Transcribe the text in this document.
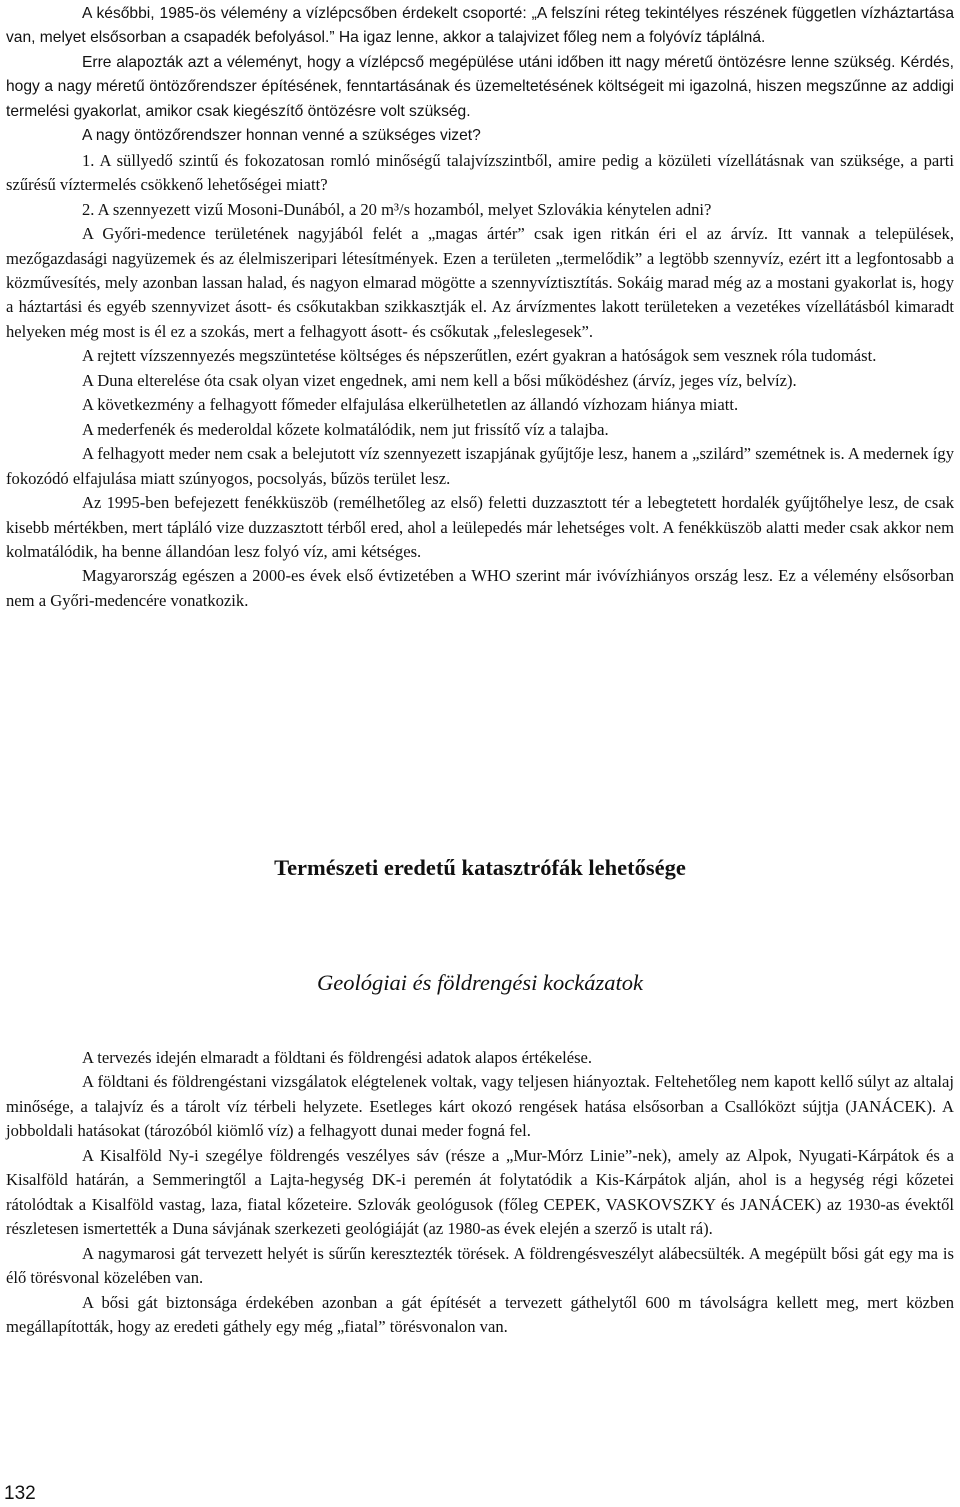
A későbbi, 1985-ös vélemény a vízlépcsőben érdekelt csoporté: „A felszíni réteg tekintélyes részének független vízháztartása van, melyet elsősorban a csapadék befolyásol.” Ha igaz lenne, akkor a talajvizet főleg nem a folyóvíz táplálná.

Erre alapozták azt a véleményt, hogy a vízlépcső megépülése utáni időben itt nagy méretű öntözésre lenne szükség. Kérdés, hogy a nagy méretű öntözőrendszer építésének, fenntartásának és üzemeltetésének költségeit mi igazolná, hiszen megszűnne az addigi termelési gyakorlat, amikor csak kiegészítő öntözésre volt szükség.

A nagy öntözőrendszer honnan venné a szükséges vizet?

1. A süllyedő szintű és fokozatosan romló minőségű talajvízszintből, amire pedig a közületi vízellátásnak van szüksége, a parti szűrésű víztermelés csökkenő lehetőségei miatt?

2. A szennyezett vizű Mosoni-Dunából, a 20 m³/s hozamból, melyet Szlovákia kénytelen adni?

A Győri-medence területének nagyjából felét a „magas ártér” csak igen ritkán éri el az árvíz. Itt vannak a települések, mezőgazdasági nagyüzemek és az élelmiszeripari létesítmények. Ezen a területen „termelődik” a legtöbb szennyvíz, ezért itt a legfontosabb a közművesítés, mely azonban lassan halad, és nagyon elmarad mögötte a szennyvíztisztítás. Sokáig marad még az a mostani gyakorlat is, hogy a háztartási és egyéb szennyvizet ásott- és csőkutakban szikkasztják el. Az árvízmentes lakott területeken a vezetékes vízellátásból kimaradt helyeken még most is él ez a szokás, mert a felhagyott ásott- és csőkutak „feleslegesek”.

A rejtett vízszennyezés megszüntetése költséges és népszerűtlen, ezért gyakran a hatóságok sem vesznek róla tudomást.

A Duna elterelése óta csak olyan vizet engednek, ami nem kell a bősi működéshez (árvíz, jeges víz, belvíz).

A következmény a felhagyott főmeder elfajulása elkerülhetetlen az állandó vízhozam hiánya miatt.

A mederfenék és mederoldal kőzete kolmatálódik, nem jut frissítő víz a talajba.

A felhagyott meder nem csak a belejutott víz szennyezett iszapjának gyűjtője lesz, hanem a „szilárd” szemétnek is. A medernek így fokozódó elfajulása miatt szúnyogos, pocsolyás, bűzös terület lesz.

Az 1995-ben befejezett fenékküszöb (remélhetőleg az első) feletti duzzasztott tér a lebegtetett hordalék gyűjtőhelye lesz, de csak kisebb mértékben, mert tápláló vize duzzasztott térből ered, ahol a leülepedés már lehetséges volt. A fenékküszöb alatti meder csak akkor nem kolmatálódik, ha benne állandóan lesz folyó víz, ami kétséges.

Magyarország egészen a 2000-es évek első évtizetében a WHO szerint már ivóvízhiányos ország lesz. Ez a vélemény elsősorban nem a Győri-medencére vonatkozik.

Természeti eredetű katasztrófák lehetősége
Geológiai és földrengési kockázatok

A tervezés idején elmaradt a földtani és földrengési adatok alapos értékelése.

A földtani és földrengéstani vizsgálatok elégtelenek voltak, vagy teljesen hiányoztak. Feltehetőleg nem kapott kellő súlyt az altalaj minősége, a talajvíz és a tárolt víz térbeli helyzete. Esetleges kárt okozó rengések hatása elsősorban a Csallóközt sújtja (JANÁCEK). A jobboldali hatásokat (tározóból kiömlő víz) a felhagyott dunai meder fogná fel.

A Kisalföld Ny-i szegélye földrengés veszélyes sáv (része a „Mur-Mórz Linie”-nek), amely az Alpok, Nyugati-Kárpátok és a Kisalföld határán, a Semmeringtől a Lajta-hegység DK-i peremén át folytatódik a Kis-Kárpátok alján, ahol is a hegység régi kőzetei rátolódtak a Kisalföld vastag, laza, fiatal kőzeteire. Szlovák geológusok (főleg CEPEK, VASKOVSZKY és JANÁCEK) az 1930-as évektől részletesen ismertették a Duna sávjának szerkezeti geológiáját (az 1980-as évek elején a szerző is utalt rá).

A nagymarosi gát tervezett helyét is sűrűn keresztezték törések. A földrengésveszélyt alábecsülték. A megépült bősi gát egy ma is élő törésvonal közelében van.

A bősi gát biztonsága érdekében azonban a gát építését a tervezett gáthelytől 600 m távolságra kellett meg, mert közben megállapították, hogy az eredeti gáthely egy még „fiatal” törésvonalon van.

132
